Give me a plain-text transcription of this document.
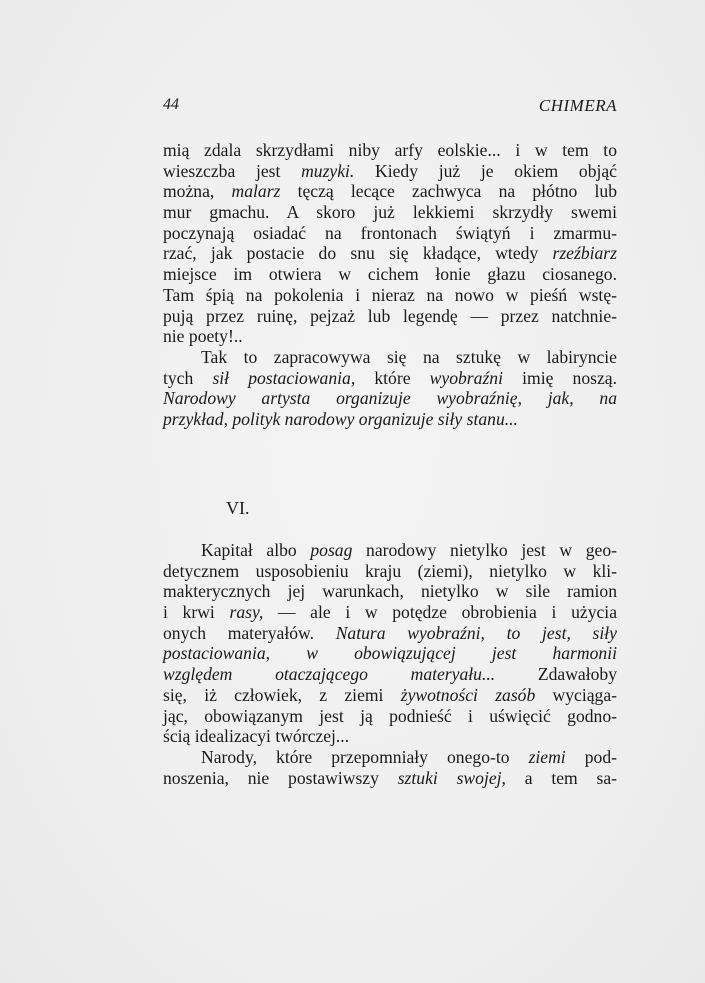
44	CHIMERA
mią zdala skrzydłami niby arfy eolskie... i w tem to
wieszczba jest muzyki. Kiedy już je okiem objąć
można, malarz tęczą lecące zachwyca na płótno lub
mur gmachu. A skoro już lekkiemi skrzydły swemi
poczynają osiadać na frontonach świątyń i zmarmu-
rzać, jak postacie do snu się kładące, wtedy rzeźbiarz
miejsce im otwiera w cichem łonie głazu ciosanego.
Tam śpią na pokolenia i nieraz na nowo w pieśń wstę-
pują przez ruinę, pejzaż lub legendę — przez natchnie-
nie poety!..
Tak to zapracowywa się na sztukę w labiryncie
tych sił postaciowania, które wyobraźni imię noszą.
Narodowy artysta organizuje wyobraźnię, jak, na
przykład, polityk narodowy organizuje siły stanu...
VI.
Kapitał albo posag narodowy nietylko jest w geo-
detycznem usposobieniu kraju (ziemi), nietylko w kli-
makterycznych jej warunkach, nietylko w sile ramion
i krwi rasy, — ale i w potędze obrobienia i użycia
onych materyałów. Natura wyobraźni, to jest, siły
postaciowania, w obowiązującej jest harmonii
względem otaczającego materyału... Zdawałoby
się, iż człowiek, z ziemi żywotności zasób wyciąga-
jąc, obowiązanym jest ją podnieść i uświęcić godno-
ścią idealizacyi twórczej...
Narody, które przepomniały onego-to ziemi pod-
noszenia, nie postawiwszy sztuki swojej, a tem sa-
